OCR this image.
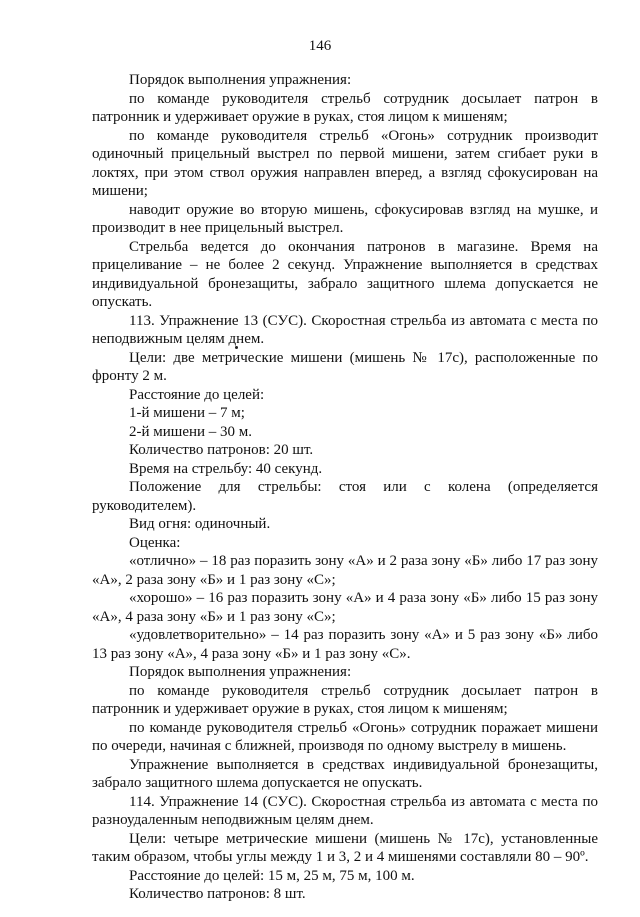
146

Порядок выполнения упражнения:

по команде руководителя стрельб сотрудник досылает патрон в патронник и удерживает оружие в руках, стоя лицом к мишеням;

по команде руководителя стрельб «Огонь» сотрудник производит одиночный прицельный выстрел по первой мишени, затем сгибает руки в локтях, при этом ствол оружия направлен вперед, а взгляд сфокусирован на мишени;

наводит оружие во вторую мишень, сфокусировав взгляд на мушке, и производит в нее прицельный выстрел.

Стрельба ведется до окончания патронов в магазине. Время на прицеливание – не более 2 секунд. Упражнение выполняется в средствах индивидуальной бронезащиты, забрало защитного шлема допускается не опускать.

113. Упражнение 13 (СУС). Скоростная стрельба из автомата с места по неподвижным целям днем.

Цели: две метрические мишени (мишень № 17с), расположенные по фронту 2 м.

Расстояние до целей:

1-й мишени – 7 м;

2-й мишени – 30 м.

Количество патронов: 20 шт.

Время на стрельбу: 40 секунд.

Положение для стрельбы: стоя или с колена (определяется руководителем).

Вид огня: одиночный.

Оценка:

«отлично» – 18 раз поразить зону «А» и 2 раза зону «Б» либо 17 раз зону «А», 2 раза зону «Б» и 1 раз зону «С»;

«хорошо» – 16 раз поразить зону «А» и 4 раза зону «Б» либо 15 раз зону «А», 4 раза зону «Б» и 1 раз зону «С»;

«удовлетворительно» – 14 раз поразить зону «А» и 5 раз зону «Б» либо 13 раз зону «А», 4 раза зону «Б» и 1 раз зону «С».

Порядок выполнения упражнения:

по команде руководителя стрельб сотрудник досылает патрон в патронник и удерживает оружие в руках, стоя лицом к мишеням;

по команде руководителя стрельб «Огонь» сотрудник поражает мишени по очереди, начиная с ближней, производя по одному выстрелу в мишень.

Упражнение выполняется в средствах индивидуальной бронезащиты, забрало защитного шлема допускается не опускать.

114. Упражнение 14 (СУС). Скоростная стрельба из автомата с места по разноудаленным неподвижным целям днем.

Цели: четыре метрические мишени (мишень № 17с), установленные таким образом, чтобы углы между 1 и 3, 2 и 4 мишенями составляли 80 – 90º.

Расстояние до целей: 15 м, 25 м, 75 м, 100 м.

Количество патронов: 8 шт.
